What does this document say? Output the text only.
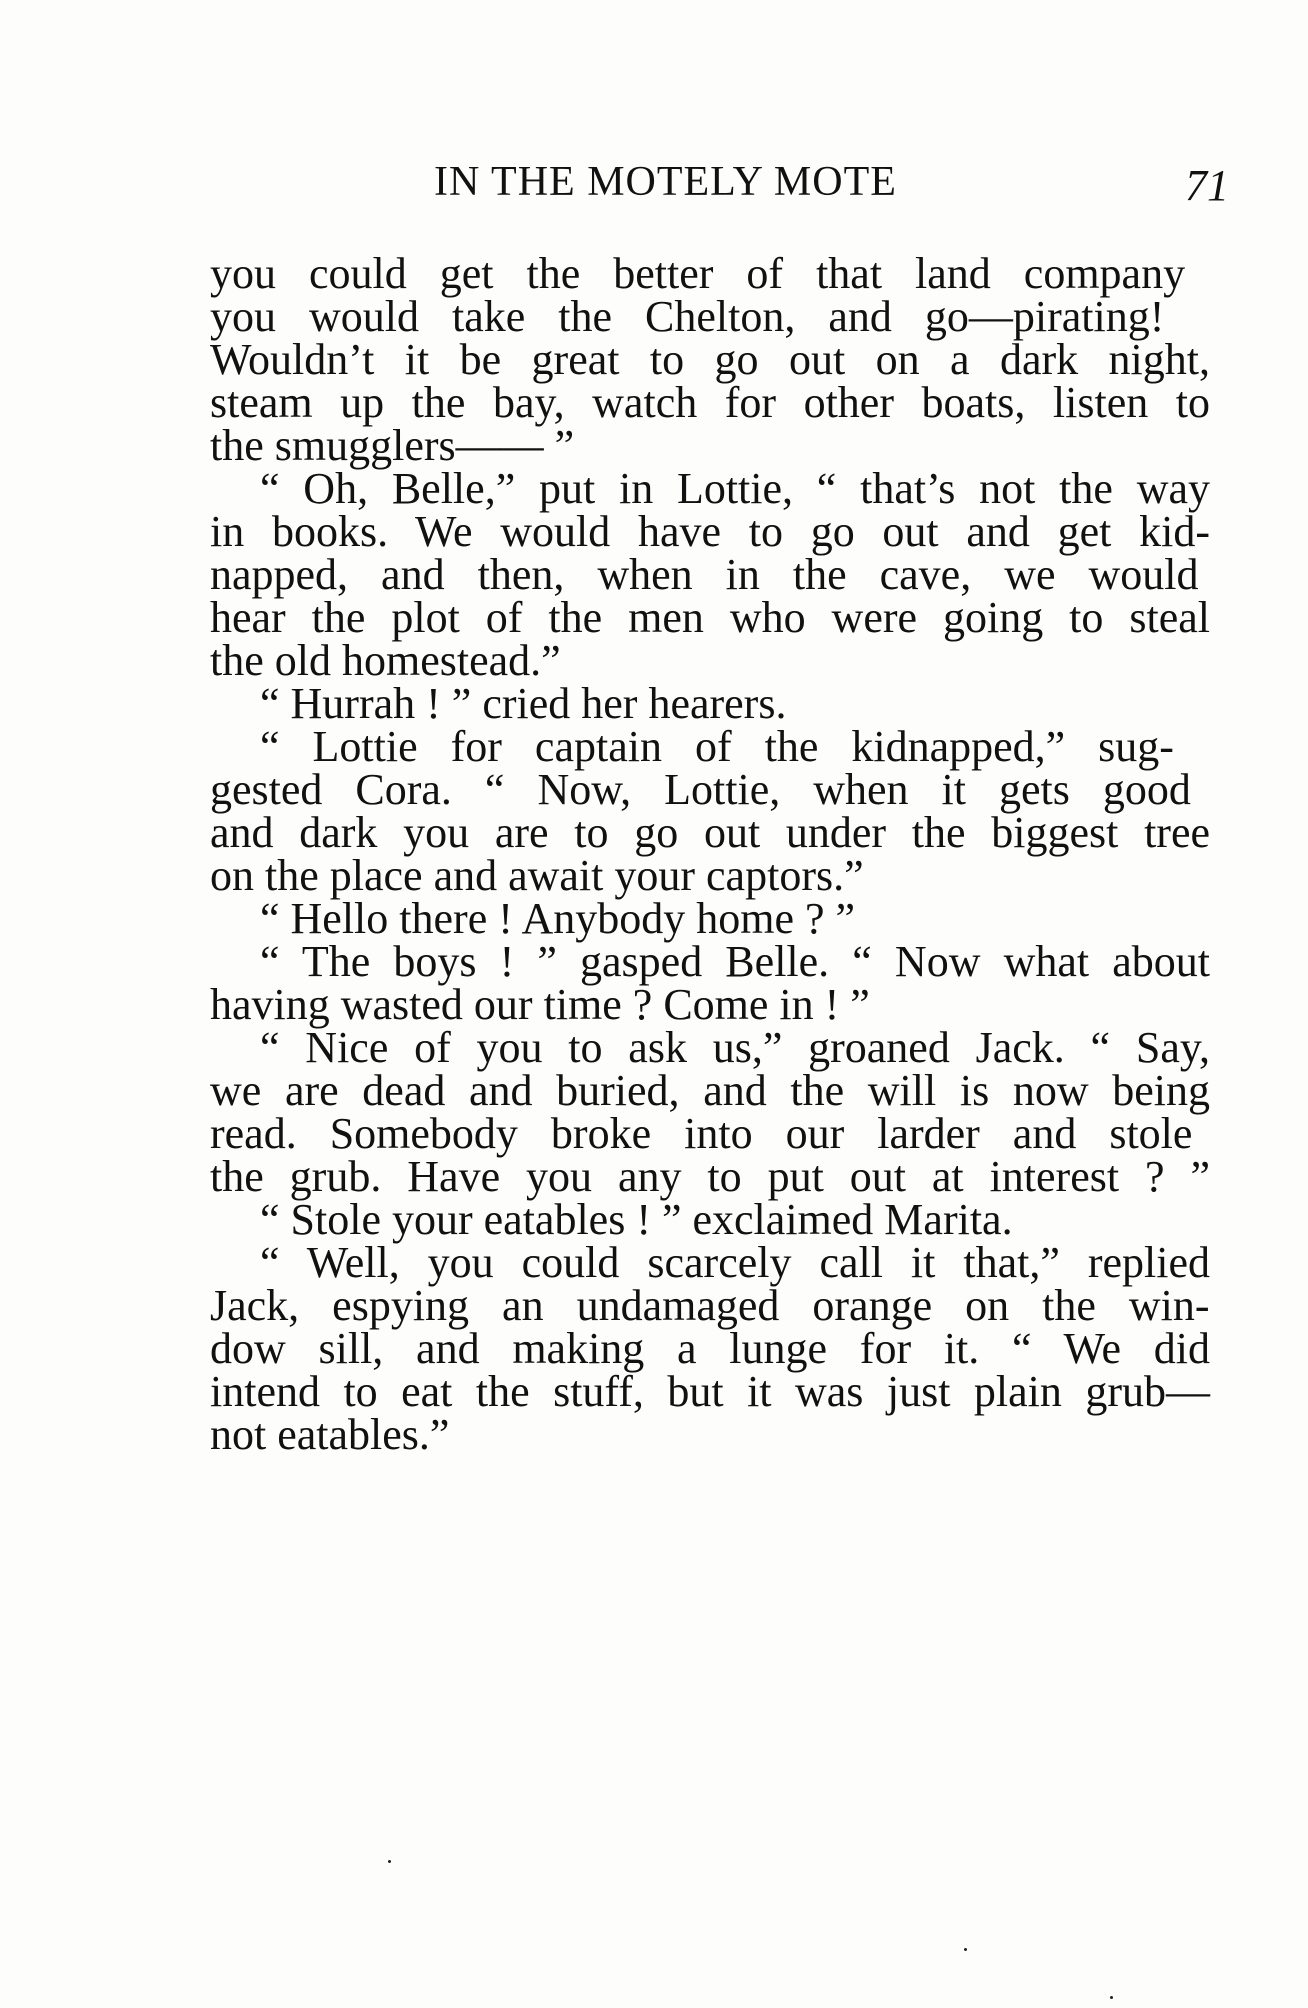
IN THE MOTELY MOTE	71
you could get the better of that land company
you would take the Chelton, and go—pirating!
Wouldn’t it be great to go out on a dark night,
steam up the bay, watch for other boats, listen to
the smugglers—— ”
“ Oh, Belle,” put in Lottie, “ that’s not the way
in books. We would have to go out and get kid-
napped, and then, when in the cave, we would
hear the plot of the men who were going to steal
the old homestead.”
“ Hurrah ! ” cried her hearers.
“ Lottie for captain of the kidnapped,” sug-
gested Cora. “ Now, Lottie, when it gets good
and dark you are to go out under the biggest tree
on the place and await your captors.”
“ Hello there ! Anybody home ? ”
“ The boys ! ” gasped Belle. “ Now what about
having wasted our time ? Come in ! ”
“ Nice of you to ask us,” groaned Jack. “ Say,
we are dead and buried, and the will is now being
read. Somebody broke into our larder and stole
the grub. Have you any to put out at interest ? ”
“ Stole your eatables ! ” exclaimed Marita.
“ Well, you could scarcely call it that,” replied
Jack, espying an undamaged orange on the win-
dow sill, and making a lunge for it. “ We did
intend to eat the stuff, but it was just plain grub—
not eatables.”
